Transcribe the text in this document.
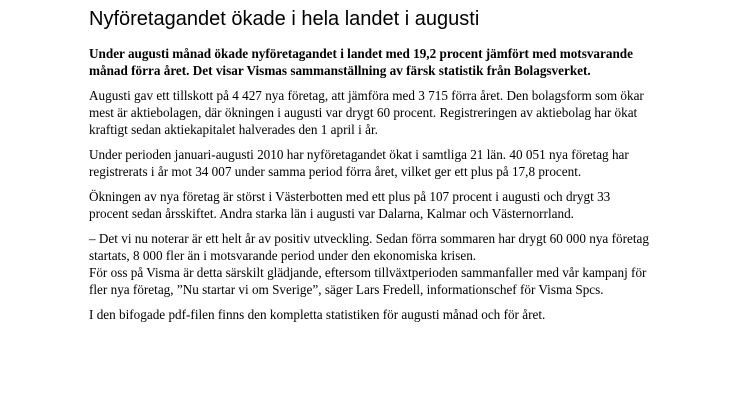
Nyföretagandet ökade i hela landet i augusti

Under augusti månad ökade nyföretagandet i landet med 19,2 procent jämfört med motsvarande månad förra året. Det visar Vismas sammanställning av färsk statistik från Bolagsverket.

Augusti gav ett tillskott på 4 427 nya företag, att jämföra med 3 715 förra året. Den bolagsform som ökar mest är aktiebolagen, där ökningen i augusti var drygt 60 procent. Registreringen av aktiebolag har ökat kraftigt sedan aktiekapitalet halverades den 1 april i år.

Under perioden januari-augusti 2010 har nyföretagandet ökat i samtliga 21 län. 40 051 nya företag har registrerats i år mot 34 007 under samma period förra året, vilket ger ett plus på 17,8 procent.

Ökningen av nya företag är störst i Västerbotten med ett plus på 107 procent i augusti och drygt 33 procent sedan årsskiftet. Andra starka län i augusti var Dalarna, Kalmar och Västernorrland.

– Det vi nu noterar är ett helt år av positiv utveckling. Sedan förra sommaren har drygt 60 000 nya företag startats, 8 000 fler än i motsvarande period under den ekonomiska krisen.

För oss på Visma är detta särskilt glädjande, eftersom tillväxtperioden sammanfaller med vår kampanj för fler nya företag, ”Nu startar vi om Sverige”, säger Lars Fredell, informationschef för Visma Spcs.

I den bifogade pdf-filen finns den kompletta statistiken för augusti månad och för året.
